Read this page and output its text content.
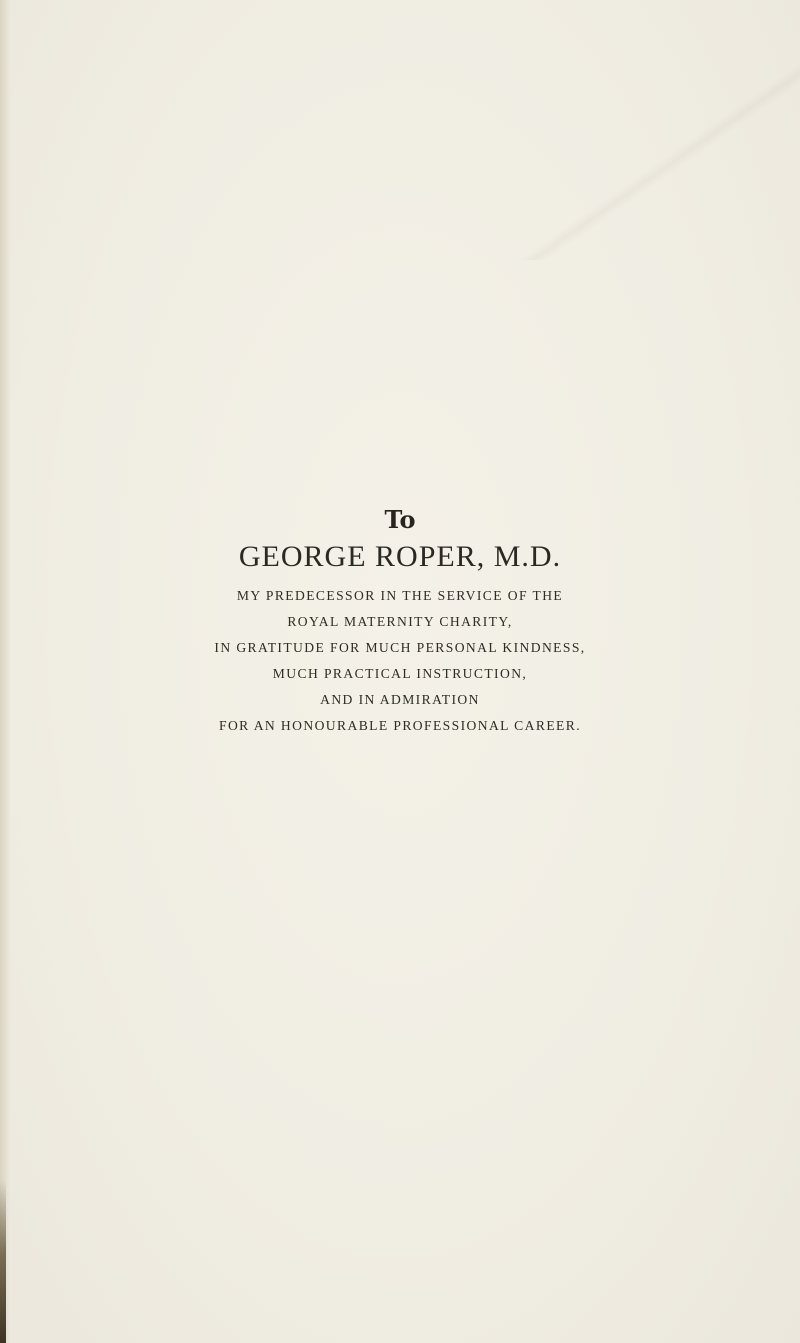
To
GEORGE ROPER, M.D.
MY PREDECESSOR IN THE SERVICE OF THE
ROYAL MATERNITY CHARITY,
IN GRATITUDE FOR MUCH PERSONAL KINDNESS,
MUCH PRACTICAL INSTRUCTION,
AND IN ADMIRATION
FOR AN HONOURABLE PROFESSIONAL CAREER.
